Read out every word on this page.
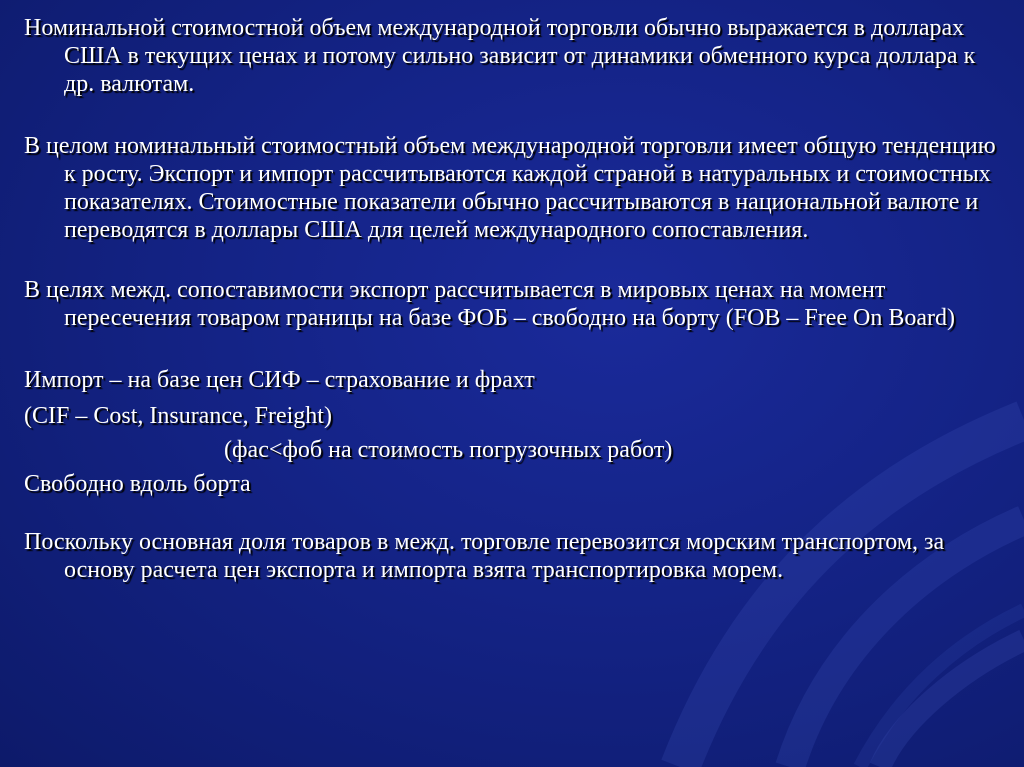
Номинальной стоимостной объем международной торговли обычно выражается в долларах США в текущих ценах и потому сильно зависит от динамики обменного курса доллара к др. валютам.

В целом номинальный стоимостный объем международной торговли имеет общую тенденцию к росту. Экспорт и импорт рассчитываются каждой страной в натуральных и стоимостных показателях. Стоимостные показатели обычно рассчитываются в национальной валюте и переводятся в доллары США для целей международного сопоставления.

В целях межд. сопоставимости экспорт рассчитывается в мировых ценах на момент пересечения товаром границы на базе ФОБ – свободно на борту (FOB – Free On Board)

Импорт – на базе цен СИФ – страхование и фрахт

(CIF – Cost, Insurance, Freight)

(фас<фоб на стоимость погрузочных работ)

Свободно вдоль борта

Поскольку основная доля товаров в межд. торговле перевозится морским транспортом, за основу расчета цен экспорта и импорта взята транспортировка морем.
